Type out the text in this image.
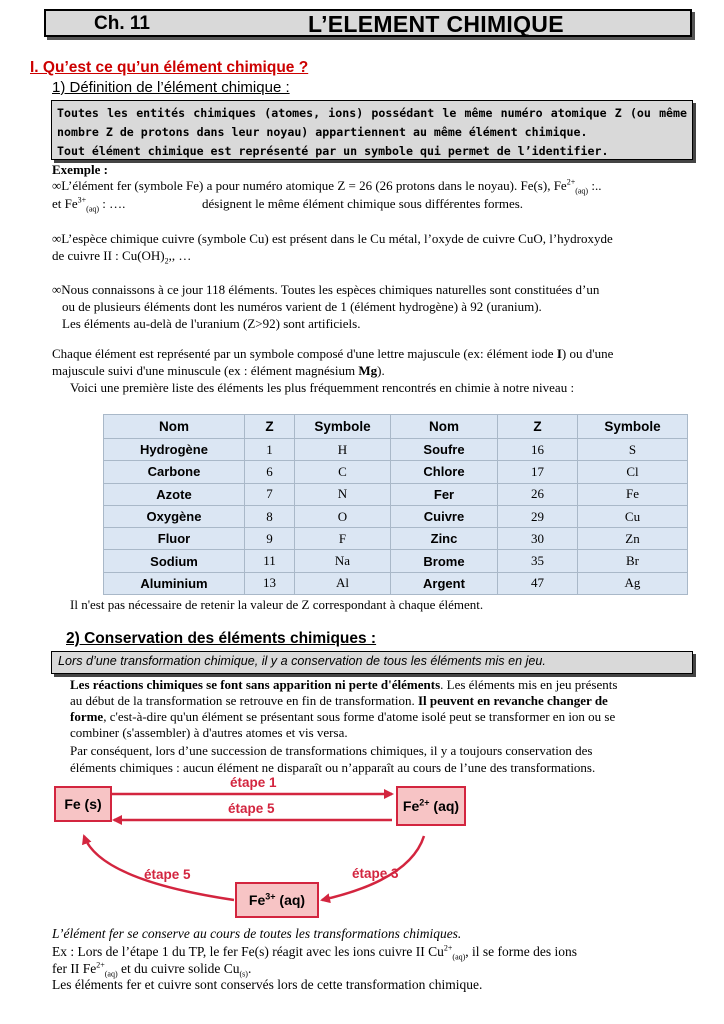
Ch. 11	L’ELEMENT CHIMIQUE
I. Qu’est ce qu’un élément chimique ?
1) Définition de l’élément chimique :
Toutes les entités chimiques (atomes, ions) possédant le même numéro atomique Z (ou même
nombre Z de protons dans leur noyau) appartiennent au même élément chimique.
Tout élément chimique est représenté par un symbole qui permet de l’identifier.
Exemple :
∞L’élément fer (symbole Fe) a pour numéro atomique Z = 26 (26 protons dans le noyau). Fe(s), $Fe^{2+}_{(aq)}$ :..
et $Fe^{3+}_{(aq)}$ : ….	désignent le même élément chimique sous différentes formes.
∞L’espèce chimique cuivre (symbole Cu) est présent dans le Cu métal, l’oxyde de cuivre CuO, l’hydroxyde
de cuivre II : $Cu(OH)_2$,, …
∞Nous connaissons à ce jour 118 éléments. Toutes les espèces chimiques naturelles sont constituées d’un
ou de plusieurs éléments dont les numéros varient de 1 (élément hydrogène) à 92 (uranium).
Les éléments au-delà de l'uranium (Z>92) sont artificiels.
Chaque élément est représenté par un symbole composé d'une lettre majuscule (ex: élément iode I) ou d'une
majuscule suivi d'une minuscule (ex : élément magnésium Mg).
Voici une première liste des éléments les plus fréquemment rencontrés en chimie à notre niveau :
Nom	Z	Symbole	Nom	Z	Symbole
Hydrogène	1	H	Soufre	16	S
Carbone	6	C	Chlore	17	Cl
Azote	7	N	Fer	26	Fe
Oxygène	8	O	Cuivre	29	Cu
Fluor	9	F	Zinc	30	Zn
Sodium	11	Na	Brome	35	Br
Aluminium	13	Al	Argent	47	Ag
Il n'est pas nécessaire de retenir la valeur de Z correspondant à chaque élément.
2) Conservation des éléments chimiques :
Lors d’une transformation chimique, il y a conservation de tous les éléments mis en jeu.
Les réactions chimiques se font sans apparition ni perte d'éléments. Les éléments mis en jeu présents
au début de la transformation se retrouve en fin de transformation. Il peuvent en revanche changer de
forme, c'est-à-dire qu'un élément se présentant sous forme d'atome isolé peut se transformer en ion ou se
combiner (s'assembler) à d'autres atomes et vis versa.
Par conséquent, lors d’une succession de transformations chimiques, il y a toujours conservation des
éléments chimiques : aucun élément ne disparaît ou n’apparaît au cours de l’une des transformations.
Fe (s)	$Fe^{2+}$ (aq)
$Fe^{3+}$ (aq)
étape 1
étape 5
étape 5	étape 3
L’élément fer se conserve au cours de toutes les transformations chimiques.
Ex : Lors de l’étape 1 du TP, le fer Fe(s) réagit avec les ions cuivre II $Cu^{2+}_{(aq)}$, il se forme des ions
fer II $Fe^{2+}_{(aq)}$ et du cuivre solide $Cu_{(s)}$.
Les éléments fer et cuivre sont conservés lors de cette transformation chimique.
